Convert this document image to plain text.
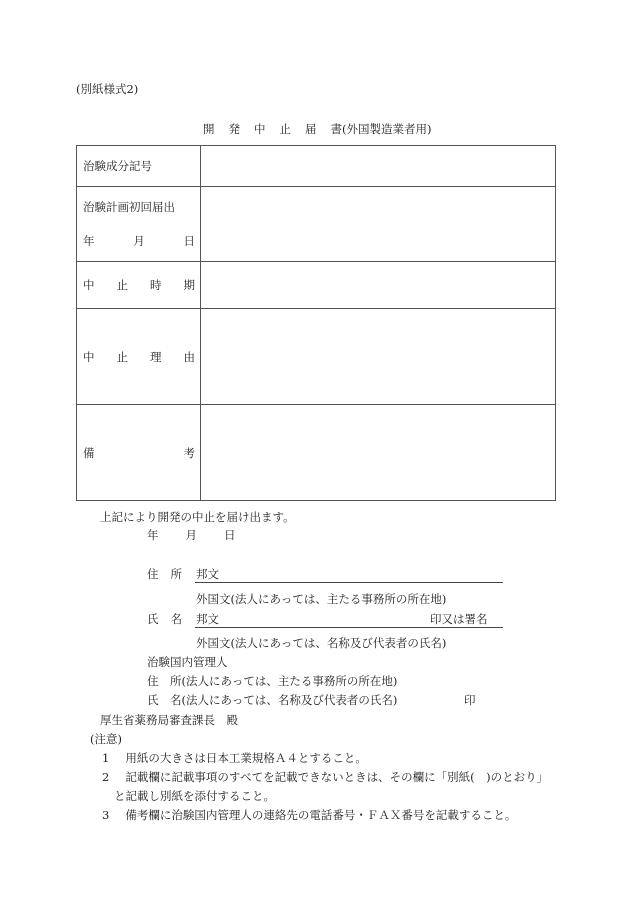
(別紙様式2)
開 発 中 止 届 書(外国製造業者用)
治験成分記号	

治験計画初回届出
年 月 日	

中 止 時 期	

中 止 理 由	

備 考	

上記により開発の中止を届け出ます。
年 月 日
住 所 邦文
外国文(法人にあっては、主たる事務所の所在地)
氏 名 邦文	印又は署名
外国文(法人にあっては、名称及び代表者の氏名)
治験国内管理人
住　所(法人にあっては、主たる事務所の所在地)
氏　名(法人にあっては、名称及び代表者の氏名)	印
厚生省薬務局審査課長　殿
(注意)
1 用紙の大きさは日本工業規格Ａ４とすること。
2 記載欄に記載事項のすべてを記載できないときは、その欄に「別紙(　)のとおり」
と記載し別紙を添付すること。
3 備考欄に治験国内管理人の連絡先の電話番号・ＦＡＸ番号を記載すること。
